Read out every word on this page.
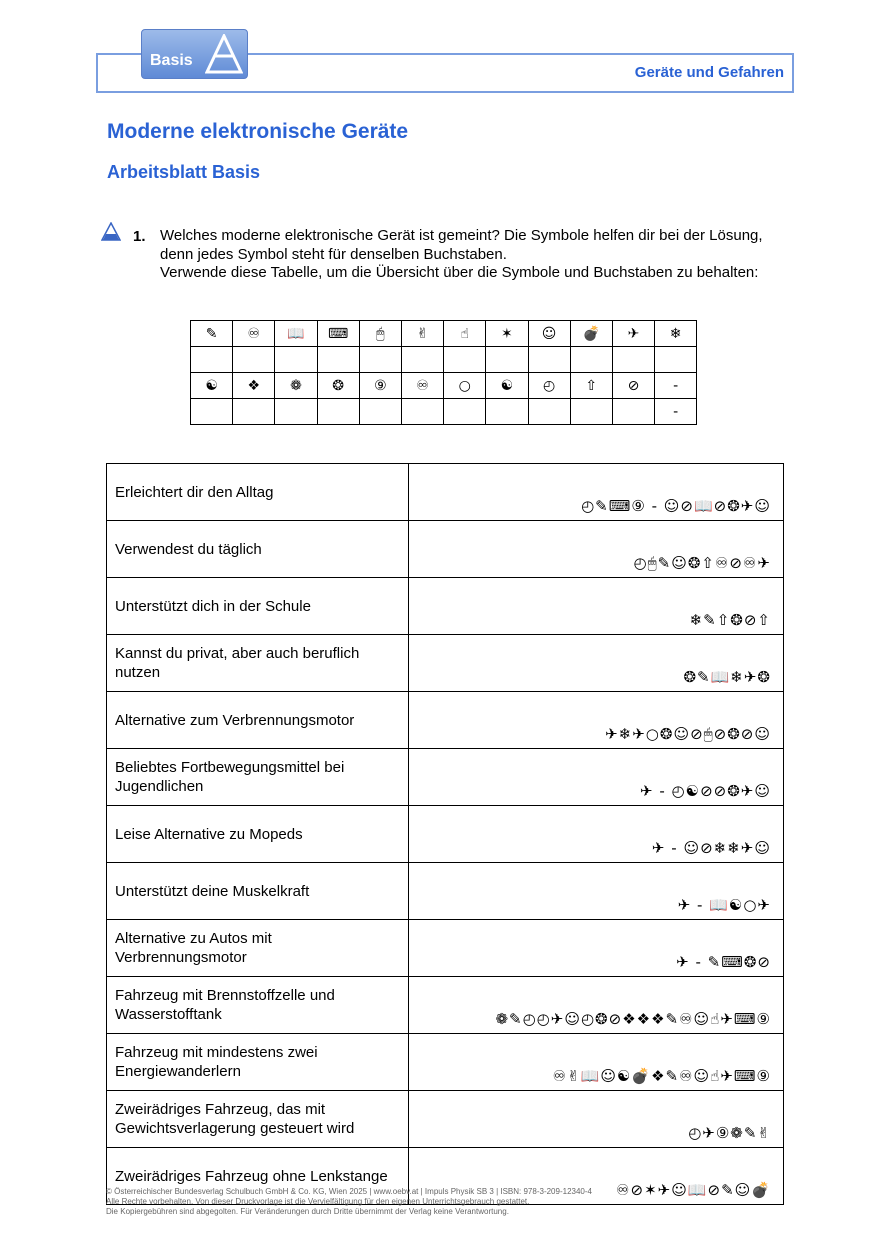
Basis
Geräte und Gefahren
Moderne elektronische Geräte
Arbeitsblatt Basis
1. Welches moderne elektronische Gerät ist gemeint? Die Symbole helfen dir bei der Lösung, denn jedes Symbol steht für denselben Buchstaben.

Verwende diese Tabelle, um die Übersicht über die Symbole und Buchstaben zu behalten:

✎	♾	📖	⌨	🖱	✌	☝	✶	☺	💣	✈	❄

☯	❖	❁	❂	⑨	♾	○	☯	◴	⇧	⊘	-
											-
Erleichtert dir den Alltag	◴✎⌨⑨ - ☺⊘📖⊘❂✈☺
Verwendest du täglich	◴🖱✎☺❂⇧♾⊘♾✈
Unterstützt dich in der Schule	❄✎⇧❂⊘⇧
Kannst du privat, aber auch beruflich nutzen	❂✎📖❄✈❂
Alternative zum Verbrennungsmotor	✈❄✈○❂☺⊘🖱⊘❂⊘☺
Beliebtes Fortbewegungsmittel bei Jugendlichen	✈ - ◴☯⊘⊘❂✈☺
Leise Alternative zu Mopeds	✈ - ☺⊘❄❄✈☺
Unterstützt deine Muskelkraft	✈ - 📖☯○✈
Alternative zu Autos mit Verbrennungsmotor	✈ - ✎⌨❂⊘
Fahrzeug mit Brennstoffzelle und Wasserstofftank	❁✎◴◴✈☺◴❂⊘❖❖❖✎♾☺☝✈⌨⑨
Fahrzeug mit mindestens zwei Energiewanderlern	♾✌📖☺☯💣❖✎♾☺☝✈⌨⑨
Zweirädriges Fahrzeug, das mit Gewichtsverlagerung gesteuert wird	◴✈⑨❁✎✌
Zweirädriges Fahrzeug ohne Lenkstange	♾⊘✶✈☺📖⊘✎☺💣

© Österreichischer Bundesverlag Schulbuch GmbH & Co. KG, Wien 2025 | www.oebv.at | Impuls Physik SB 3 | ISBN: 978-3-209-12340-4

Alle Rechte vorbehalten. Von dieser Druckvorlage ist die Vervielfältigung für den eigenen Unterrichtsgebrauch gestattet.

Die Kopiergebühren sind abgegolten. Für Veränderungen durch Dritte übernimmt der Verlag keine Verantwortung.
